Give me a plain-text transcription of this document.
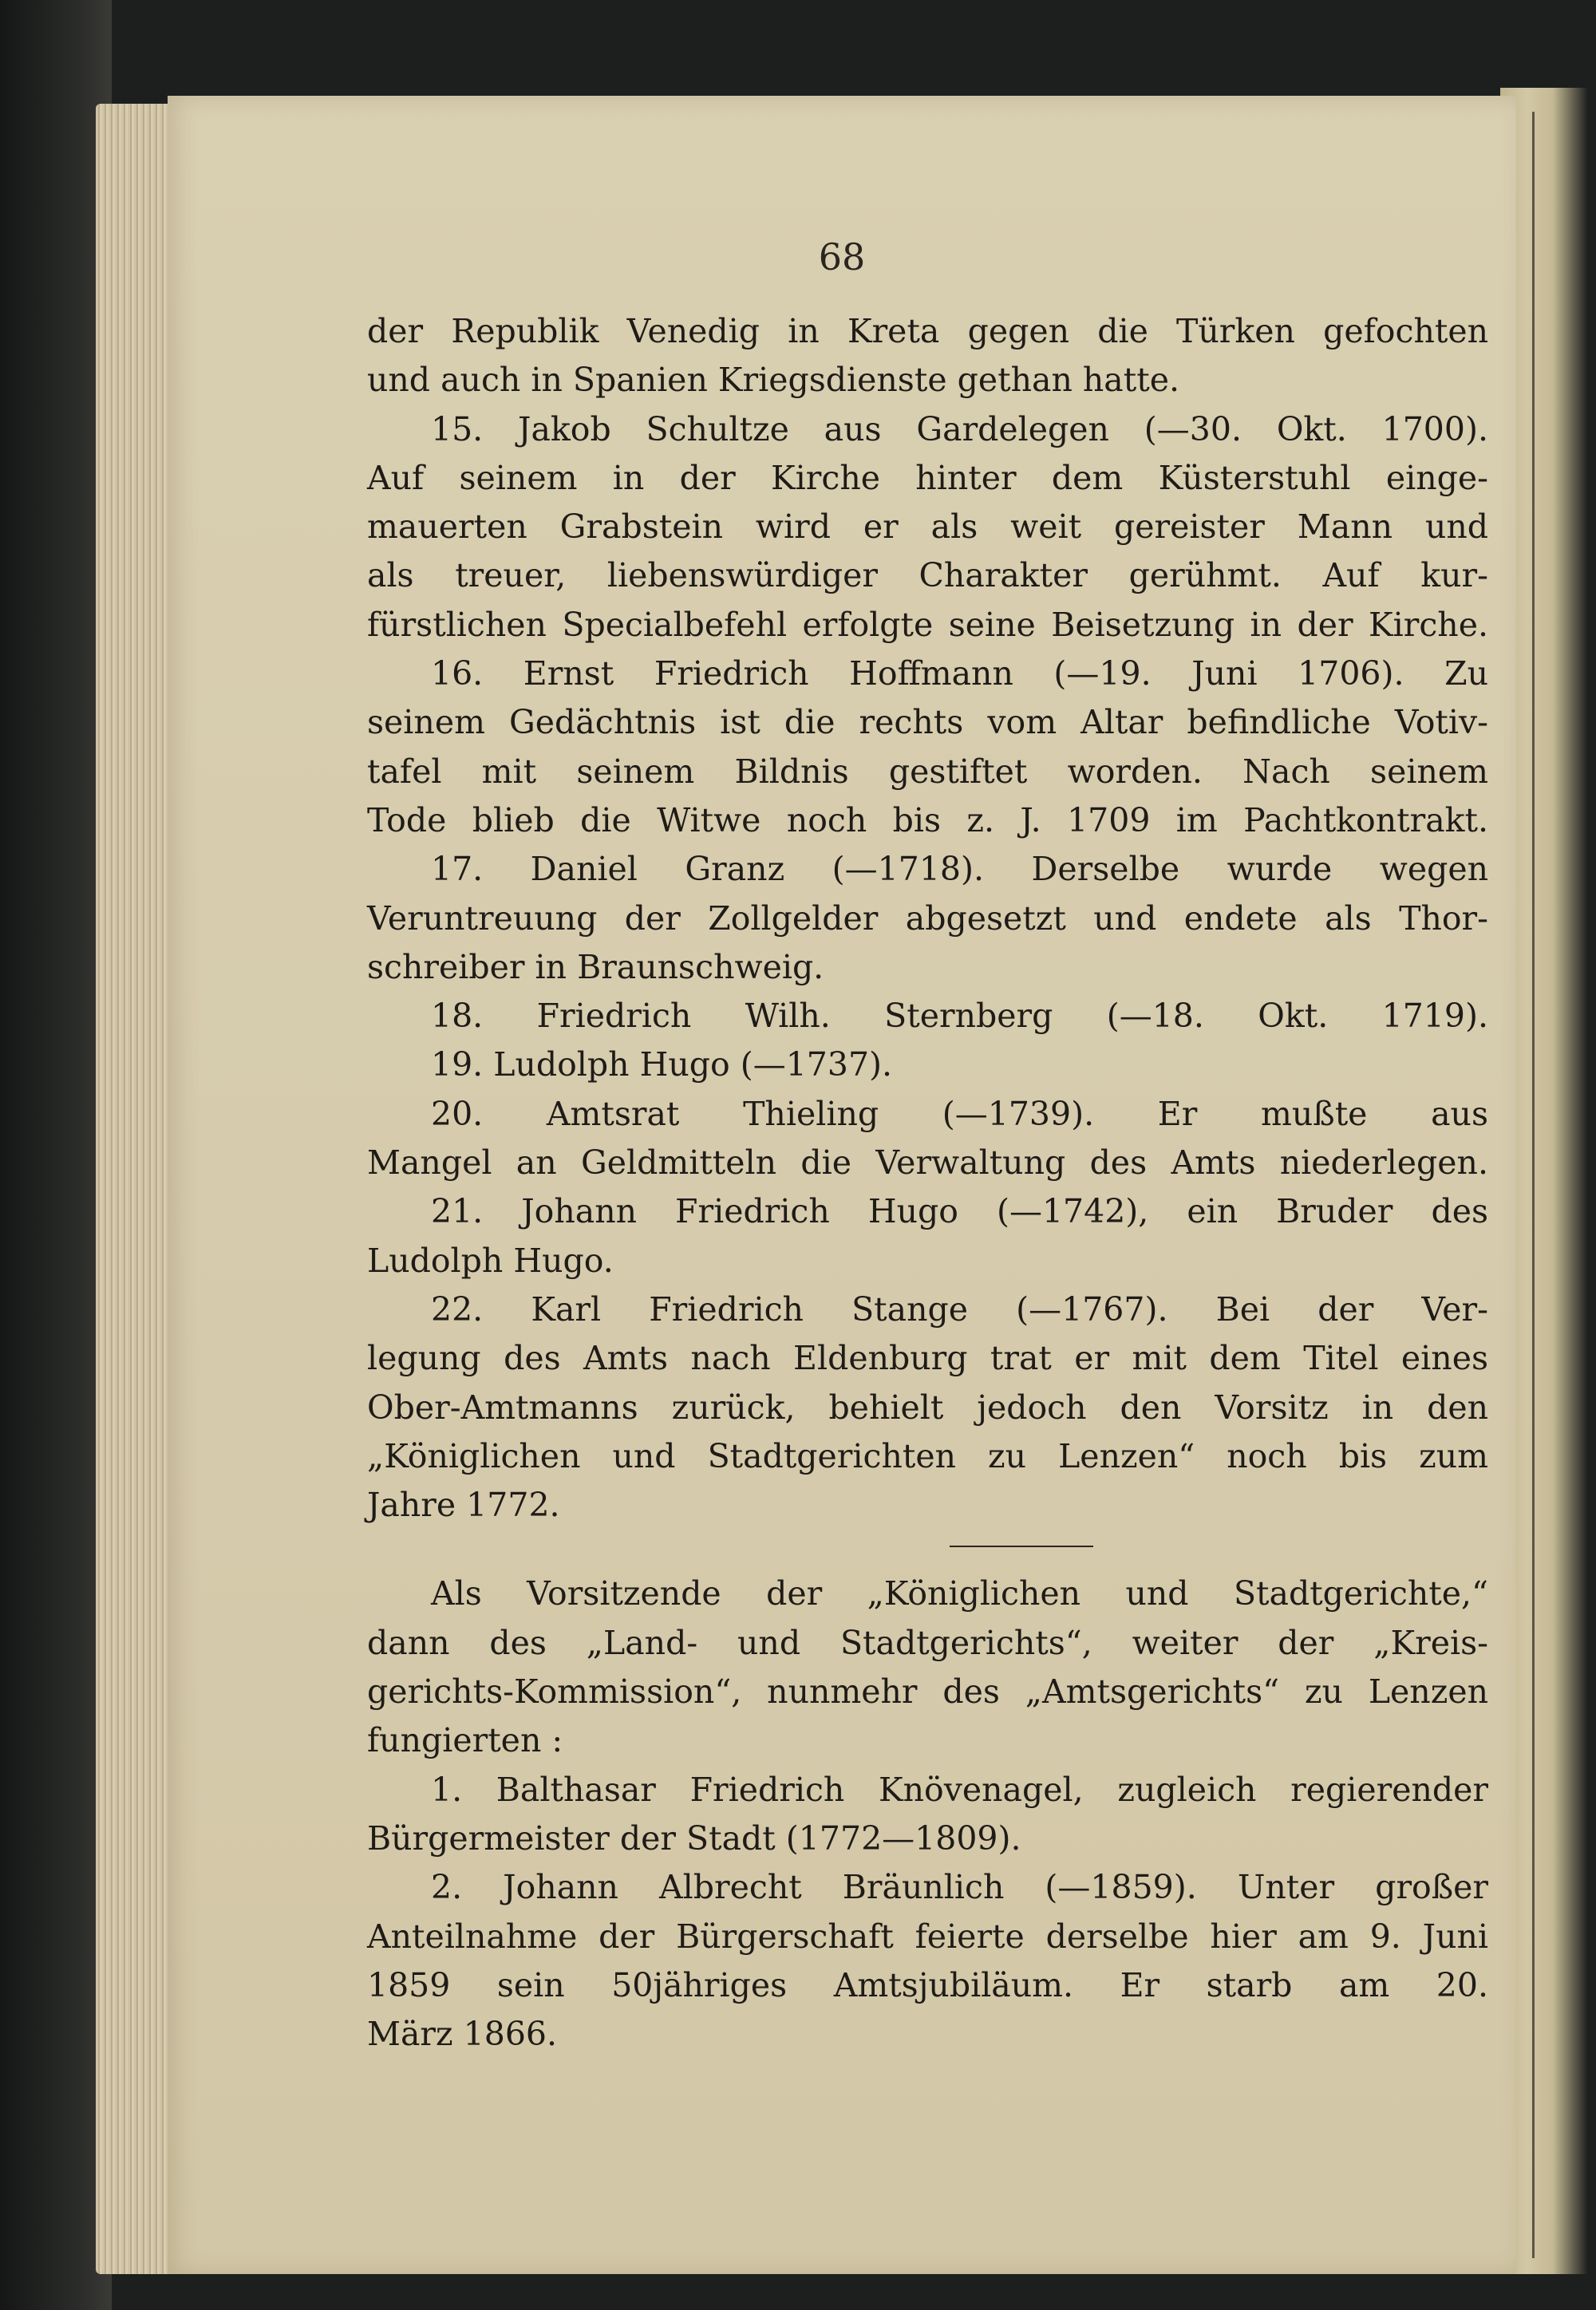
68
der Republik Venedig in Kreta gegen die Türken gefochten
und auch in Spanien Kriegsdienste gethan hatte.
15. Jakob Schultze aus Gardelegen (—30. Okt. 1700).
Auf seinem in der Kirche hinter dem Küsterstuhl einge-
mauerten Grabstein wird er als weit gereister Mann und
als treuer, liebenswürdiger Charakter gerühmt. Auf kur-
fürstlichen Specialbefehl erfolgte seine Beisetzung in der Kirche.
16. Ernst Friedrich Hoffmann (—19. Juni 1706). Zu
seinem Gedächtnis ist die rechts vom Altar befindliche Votiv-
tafel mit seinem Bildnis gestiftet worden. Nach seinem
Tode blieb die Witwe noch bis z. J. 1709 im Pachtkontrakt.
17. Daniel Granz (—1718). Derselbe wurde wegen
Veruntreuung der Zollgelder abgesetzt und endete als Thor-
schreiber in Braunschweig.
18. Friedrich Wilh. Sternberg (—18. Okt. 1719).
19. Ludolph Hugo (—1737).
20. Amtsrat Thieling (—1739). Er mußte aus
Mangel an Geldmitteln die Verwaltung des Amts niederlegen.
21. Johann Friedrich Hugo (—1742), ein Bruder des
Ludolph Hugo.
22. Karl Friedrich Stange (—1767). Bei der Ver-
legung des Amts nach Eldenburg trat er mit dem Titel eines
Ober-Amtmanns zurück, behielt jedoch den Vorsitz in den
„Königlichen und Stadtgerichten zu Lenzen“ noch bis zum
Jahre 1772.
Als Vorsitzende der „Königlichen und Stadtgerichte,“
dann des „Land- und Stadtgerichts“, weiter der „Kreis-
gerichts-Kommission“, nunmehr des „Amtsgerichts“ zu Lenzen
fungierten :
1. Balthasar Friedrich Knövenagel, zugleich regierender
Bürgermeister der Stadt (1772—1809).
2. Johann Albrecht Bräunlich (—1859). Unter großer
Anteilnahme der Bürgerschaft feierte derselbe hier am 9. Juni
1859 sein 50jähriges Amtsjubiläum. Er starb am 20.
März 1866.
